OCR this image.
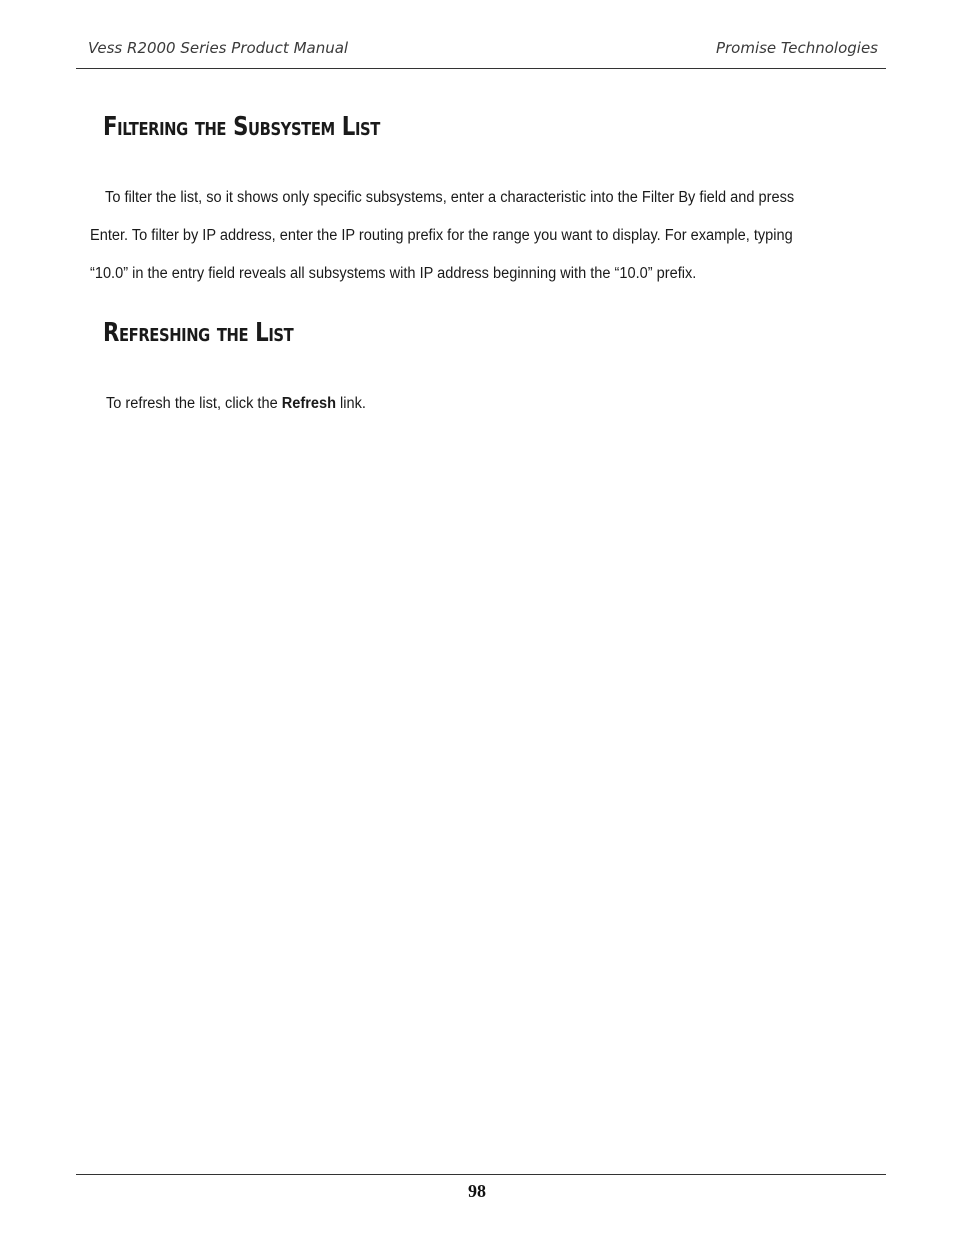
Vess R2000 Series Product Manual	Promise Technologies
Filtering the Subsystem List
To filter the list, so it shows only specific subsystems, enter a characteristic into the Filter By field and press
Enter. To filter by IP address, enter the IP routing prefix for the range you want to display. For example, typing
“10.0” in the entry field reveals all subsystems with IP address beginning with the “10.0” prefix.
Refreshing the List

To refresh the list, click the Refresh link.

98
